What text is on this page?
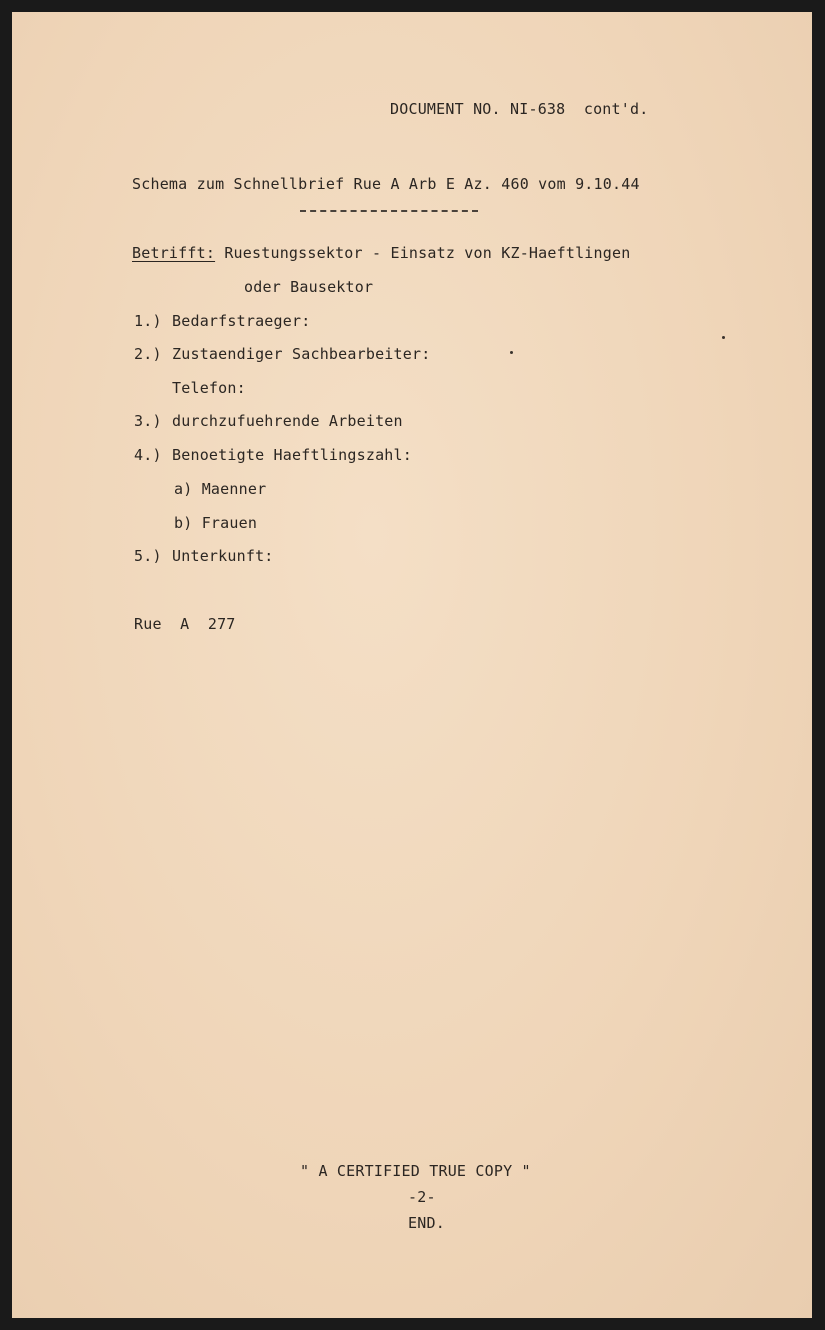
DOCUMENT NO. NI-638  cont'd.
Schema zum Schnellbrief Rue A Arb E Az. 460 vom 9.10.44
Betrifft: Ruestungssektor - Einsatz von KZ-Haeftlingen
oder Bausektor
1.) Bedarfstraeger:
2.) Zustaendiger Sachbearbeiter:
Telefon:
3.) durchzufuehrende Arbeiten
4.) Benoetigte Haeftlingszahl:
a) Maenner
b) Frauen
5.) Unterkunft:
Rue  A  277
" A CERTIFIED TRUE COPY "
-2-
END.
